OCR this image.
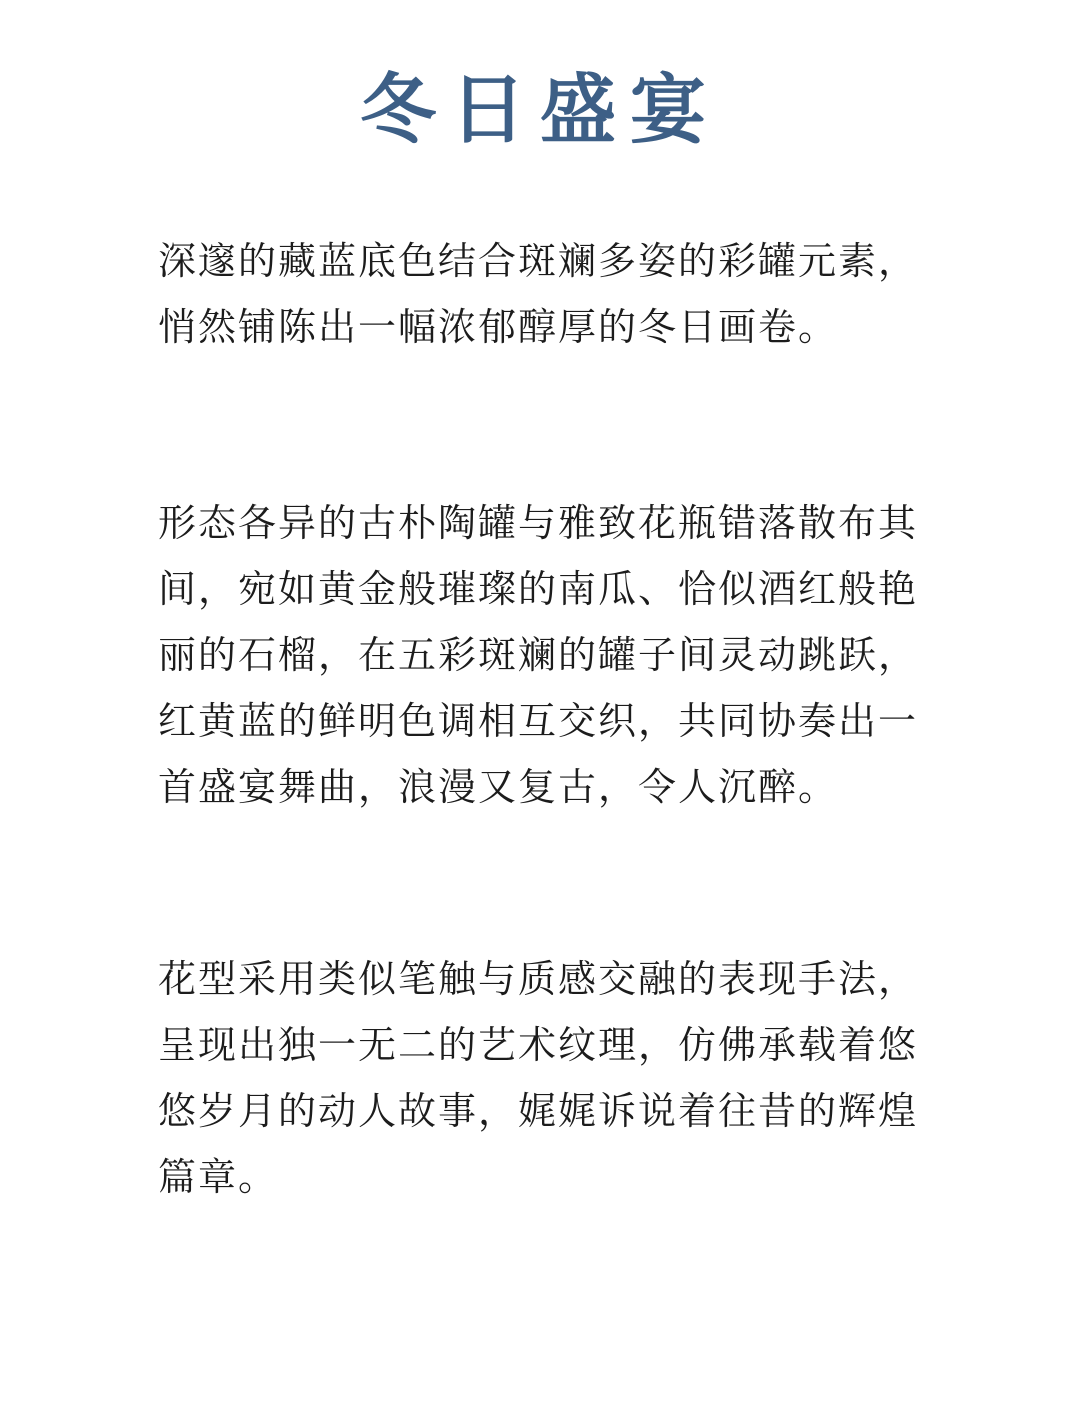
冬日盛宴

深邃的藏蓝底色结合斑斓多姿的彩罐元素，悄然铺陈出一幅浓郁醇厚的冬日画卷。

形态各异的古朴陶罐与雅致花瓶错落散布其间，宛如黄金般璀璨的南瓜、恰似酒红般艳丽的石榴，在五彩斑斓的罐子间灵动跳跃，红黄蓝的鲜明色调相互交织，共同协奏出一首盛宴舞曲，浪漫又复古，令人沉醉。

花型采用类似笔触与质感交融的表现手法，呈现出独一无二的艺术纹理，仿佛承载着悠悠岁月的动人故事，娓娓诉说着往昔的辉煌篇章。
